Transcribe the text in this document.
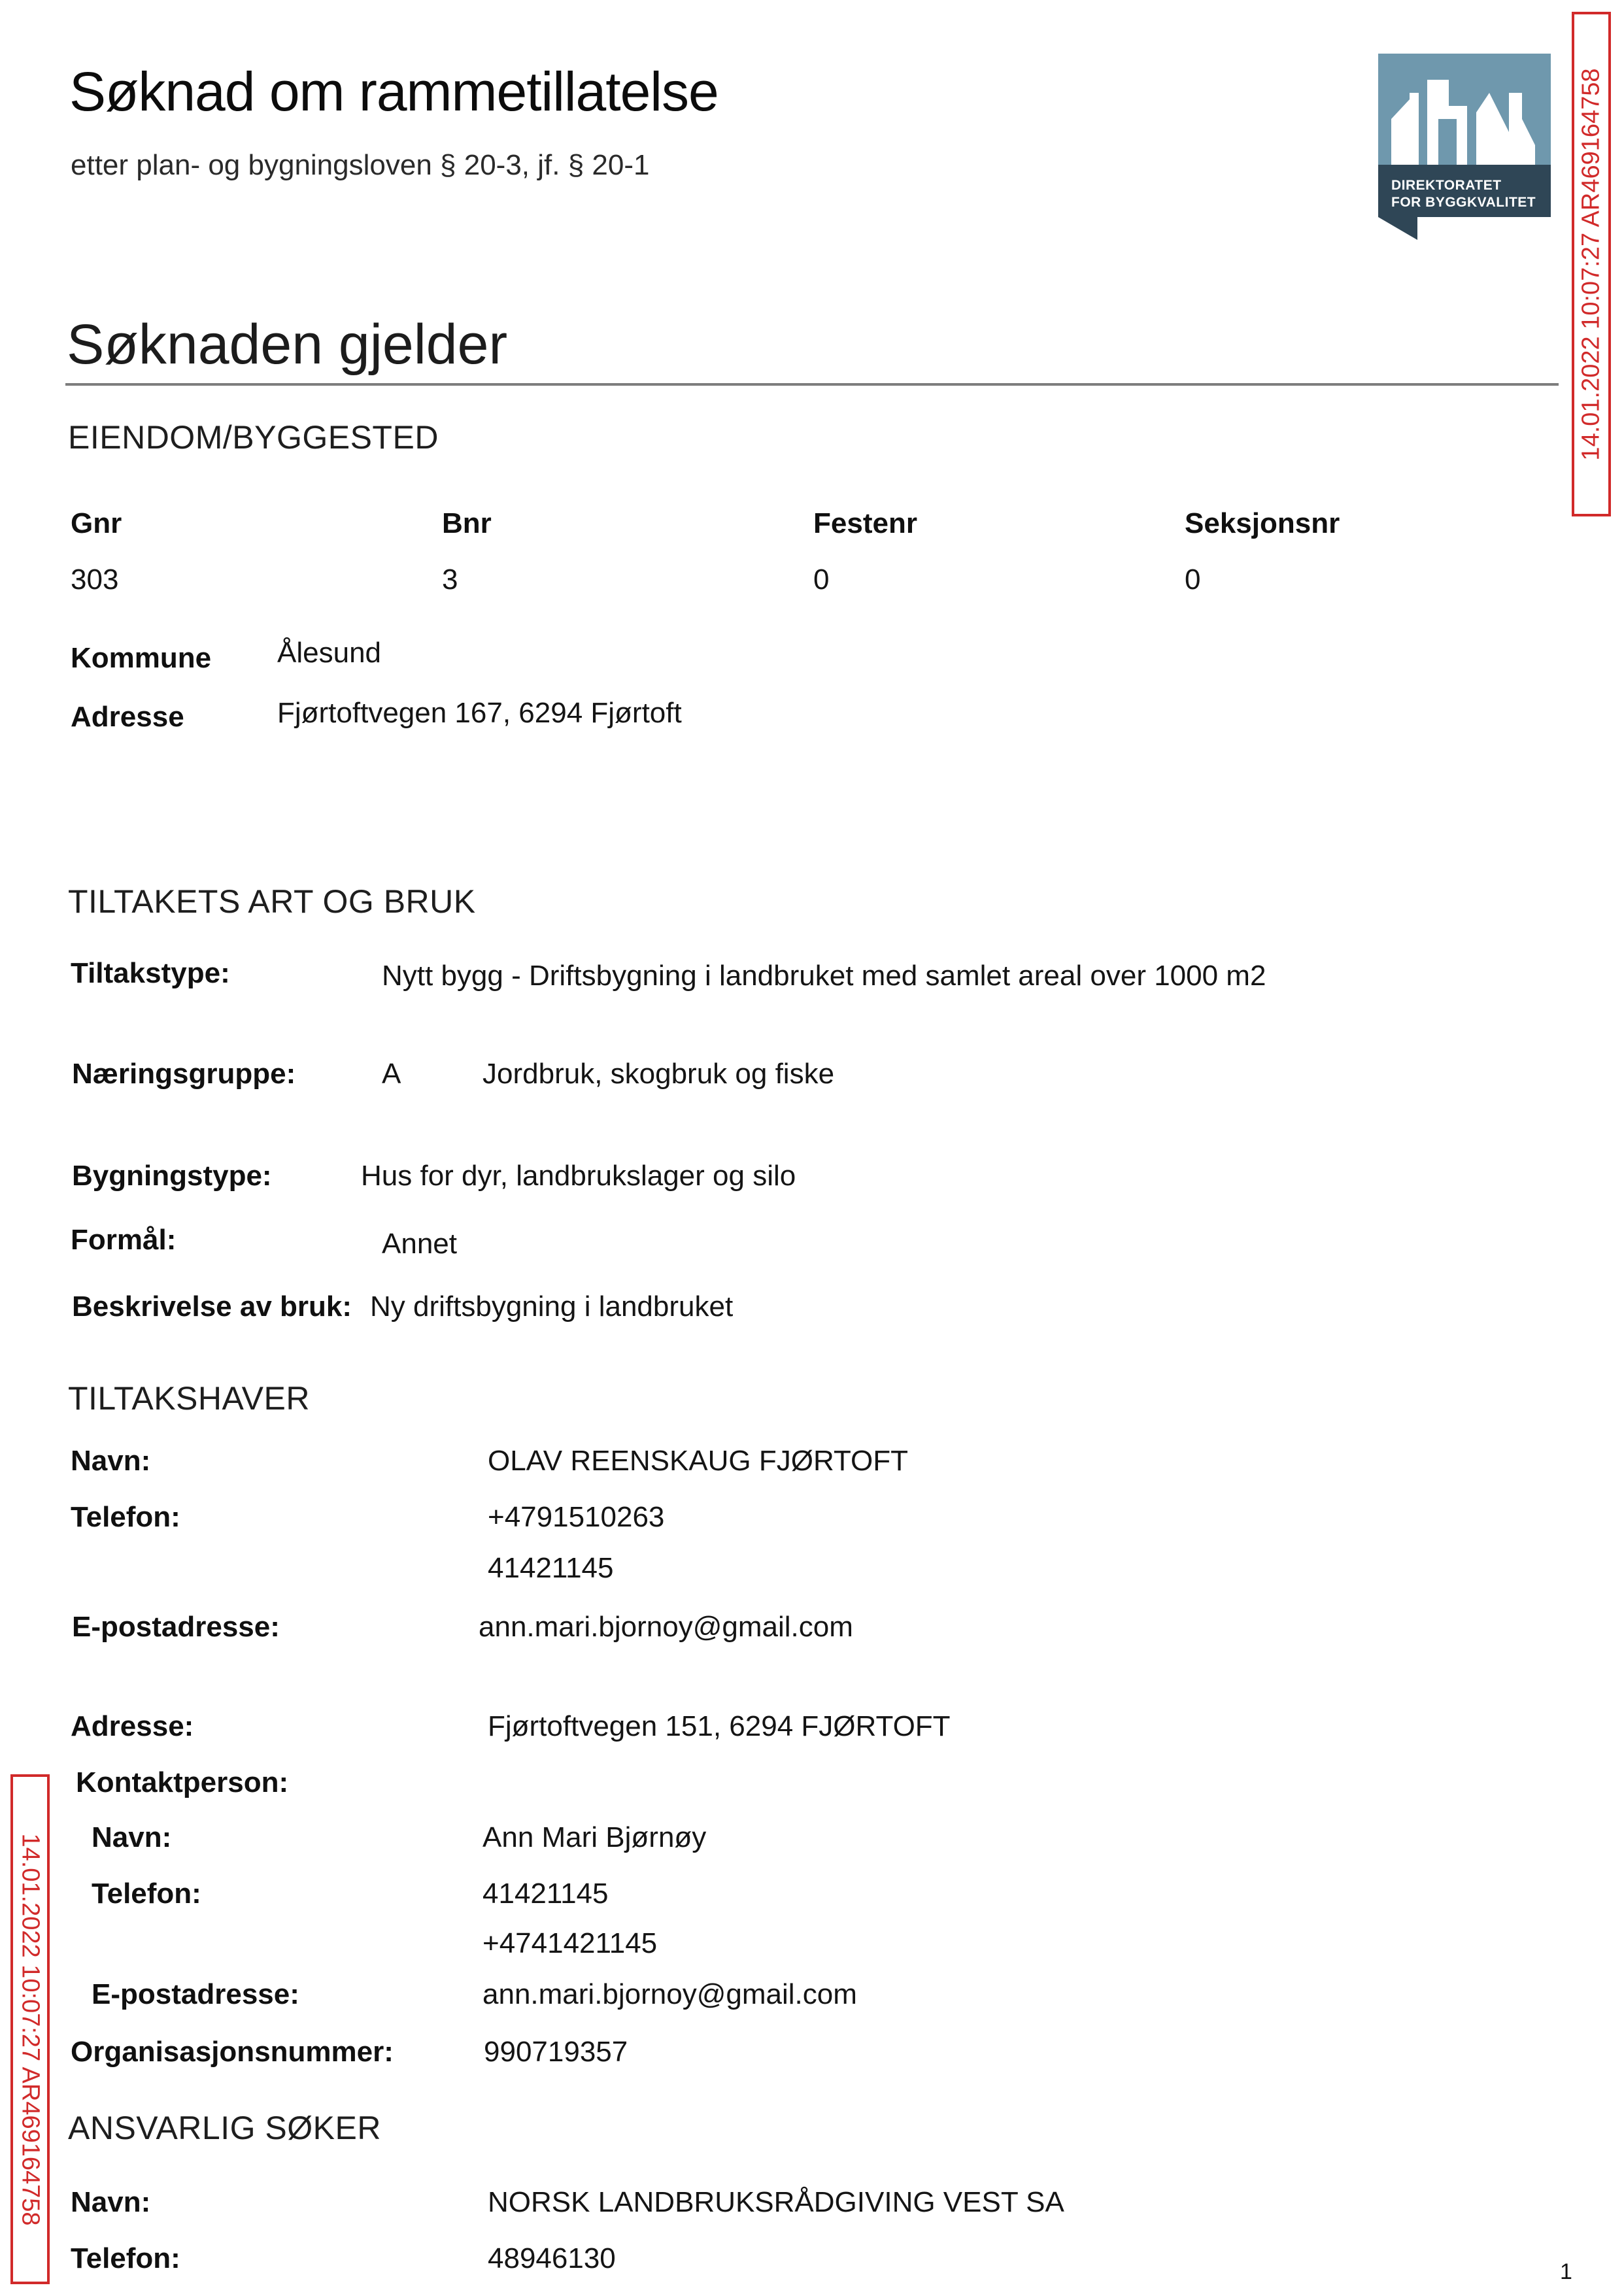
Søknad om rammetillatelse
etter plan- og bygningsloven § 20-3, jf. § 20-1
DIREKTORATET
FOR BYGGKVALITET 14.01.2022 10:07:27 AR469164758
Søknaden gjelder
EIENDOM/BYGGESTED
Gnr	Bnr	Festenr	Seksjonsnr
303	3	0	0
Kommune Ålesund
Adresse	Fjørtoftvegen 167, 6294 Fjørtoft
TILTAKETS ART OG BRUK
Tiltakstype:	Nytt bygg - Driftsbygning i landbruket med samlet areal over 1000 m2
Næringsgruppe:	A	Jordbruk, skogbruk og fiske
Bygningstype:	Hus for dyr, landbrukslager og silo
Formål:	Annet
Beskrivelse av bruk: Ny driftsbygning i landbruket
TILTAKSHAVER
Navn:	OLAV REENSKAUG FJØRTOFT
Telefon:	+4791510263
41421145
E-postadresse:	ann.mari.bjornoy@gmail.com
Adresse:	Fjørtoftvegen 151, 6294 FJØRTOFT
Kontaktperson:
Navn:	Ann Mari Bjørnøy
Telefon:	41421145
+4741421145
E-postadresse:	ann.mari.bjornoy@gmail.com
Organisasjonsnummer:	990719357
ANSVARLIG SØKER
Navn:	NORSK LANDBRUKSRÅDGIVING VEST SA
Telefon:	48946130
14.01.2022 10:07:27 AR469164758
1
